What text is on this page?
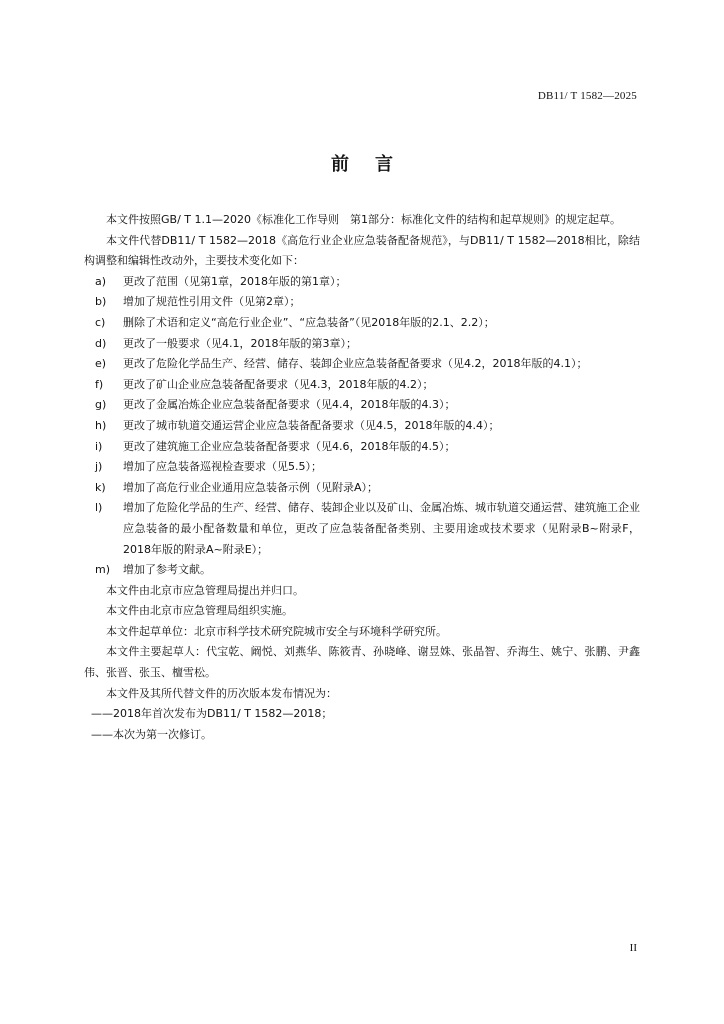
DB11/ T 1582—2025
前言

本文件按照GB/ T 1.1—2020《标准化工作导则　第1部分：标准化文件的结构和起草规则》的规定起草。

本文件代替DB11/ T 1582—2018《高危行业企业应急装备配备规范》，与DB11/ T 1582—2018相比，除结构调整和编辑性改动外，主要技术变化如下：

a)	更改了范围（见第1章，2018年版的第1章）；
b)	增加了规范性引用文件（见第2章）；
c)	删除了术语和定义“高危行业企业”、“应急装备”（见2018年版的2.1、2.2）；
d)	更改了一般要求（见4.1，2018年版的第3章）；
e)	更改了危险化学品生产、经营、储存、装卸企业应急装备配备要求（见4.2，2018年版的4.1）；
f)	更改了矿山企业应急装备配备要求（见4.3，2018年版的4.2）；
g)	更改了金属冶炼企业应急装备配备要求（见4.4，2018年版的4.3）；
h)	更改了城市轨道交通运营企业应急装备配备要求（见4.5，2018年版的4.4）；
i)	更改了建筑施工企业应急装备配备要求（见4.6，2018年版的4.5）；
j)	增加了应急装备巡视检查要求（见5.5）；
k)	增加了高危行业企业通用应急装备示例（见附录A）；
l)	增加了危险化学品的生产、经营、储存、装卸企业以及矿山、金属冶炼、城市轨道交通运营、建筑施工企业应急装备的最小配备数量和单位，更改了应急装备配备类别、主要用途或技术要求（见附录B~附录F，2018年版的附录A~附录E）；
m)	增加了参考文献。

本文件由北京市应急管理局提出并归口。

本文件由北京市应急管理局组织实施。

本文件起草单位：北京市科学技术研究院城市安全与环境科学研究所。

本文件主要起草人：代宝乾、阚悦、刘燕华、陈筱青、孙晓峰、谢昱姝、张晶智、乔海生、姚宁、张鹏、尹鑫伟、张晋、张玉、檀雪松。

本文件及其所代替文件的历次版本发布情况为：

——2018年首次发布为DB11/ T 1582—2018；

——本次为第一次修订。

II
